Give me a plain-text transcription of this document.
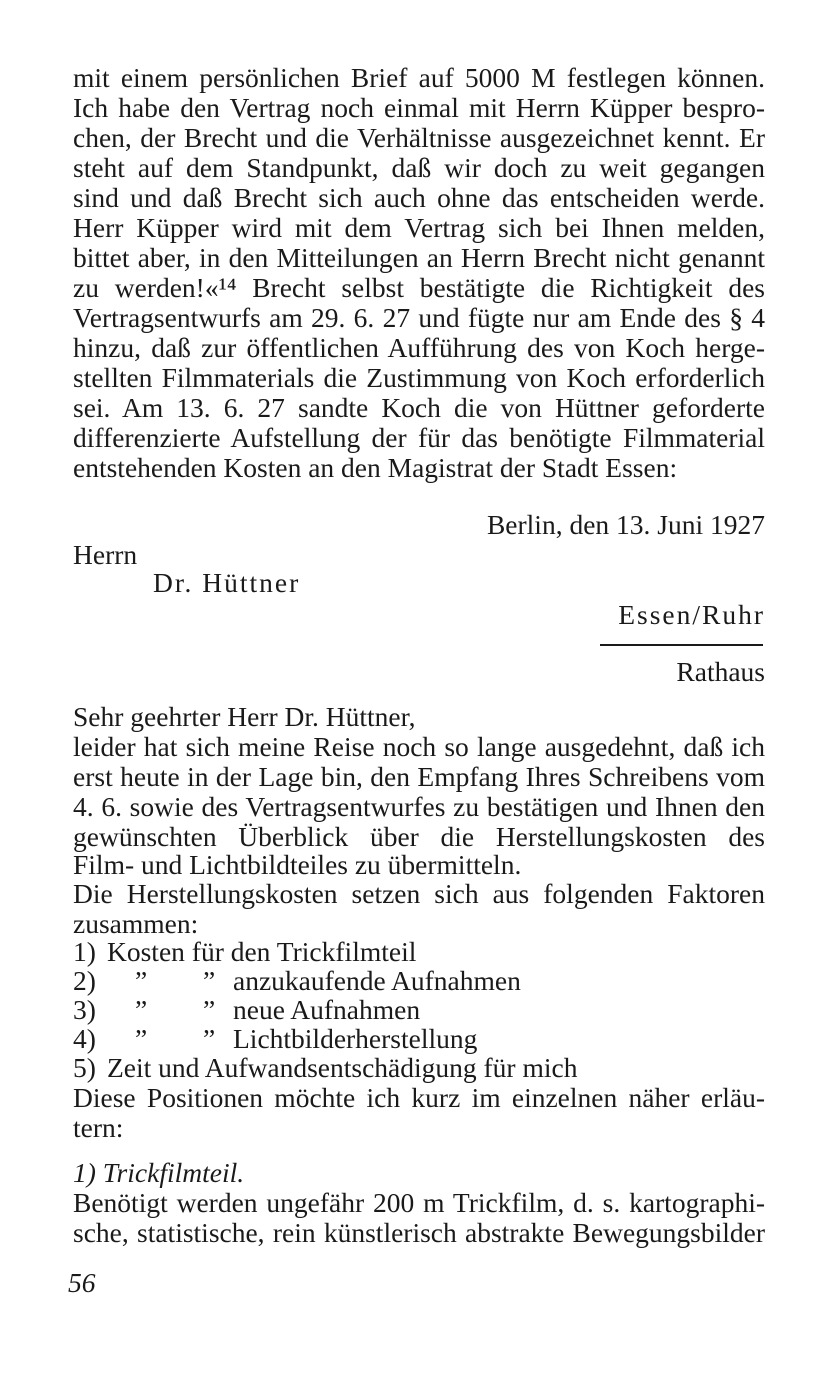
mit einem persönlichen Brief auf 5000 M festlegen können.
Ich habe den Vertrag noch einmal mit Herrn Küpper bespro-
chen, der Brecht und die Verhältnisse ausgezeichnet kennt. Er
steht auf dem Standpunkt, daß wir doch zu weit gegangen
sind und daß Brecht sich auch ohne das entscheiden werde.
Herr Küpper wird mit dem Vertrag sich bei Ihnen melden,
bittet aber, in den Mitteilungen an Herrn Brecht nicht genannt
zu werden!«¹⁴ Brecht selbst bestätigte die Richtigkeit des
Vertragsentwurfs am 29. 6. 27 und fügte nur am Ende des § 4
hinzu, daß zur öffentlichen Aufführung des von Koch herge-
stellten Filmmaterials die Zustimmung von Koch erforderlich
sei. Am 13. 6. 27 sandte Koch die von Hüttner geforderte
differenzierte Aufstellung der für das benötigte Filmmaterial
entstehenden Kosten an den Magistrat der Stadt Essen:
Berlin, den 13. Juni 1927
Herrn
Dr. Hüttner
Essen/Ruhr
Rathaus
Sehr geehrter Herr Dr. Hüttner,
leider hat sich meine Reise noch so lange ausgedehnt, daß ich
erst heute in der Lage bin, den Empfang Ihres Schreibens vom
4. 6. sowie des Vertragsentwurfes zu bestätigen und Ihnen den
gewünschten Überblick über die Herstellungskosten des
Film- und Lichtbildteiles zu übermitteln.
Die Herstellungskosten setzen sich aus folgenden Faktoren
zusammen:
1) Kosten für den Trickfilmteil
2) ” ” anzukaufende Aufnahmen
3) ” ” neue Aufnahmen
4) ” ” Lichtbilderherstellung
5) Zeit und Aufwandsentschädigung für mich
Diese Positionen möchte ich kurz im einzelnen näher erläu-
tern:
1) Trickfilmteil.
Benötigt werden ungefähr 200 m Trickfilm, d. s. kartographi-
sche, statistische, rein künstlerisch abstrakte Bewegungsbilder
56
